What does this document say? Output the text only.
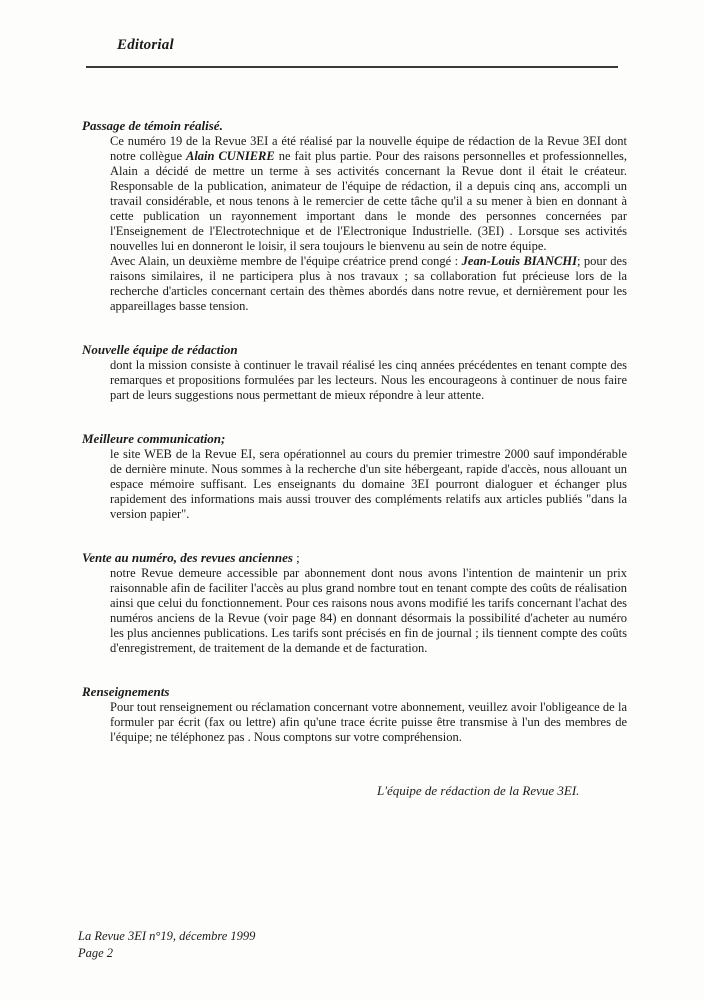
Editorial
Passage de témoin réalisé.

Ce numéro 19 de la Revue 3EI a été réalisé par la nouvelle équipe de rédaction de la Revue 3EI dont notre collègue Alain CUNIERE ne fait plus partie. Pour des raisons personnelles et professionnelles, Alain a décidé de mettre un terme à ses activités concernant la Revue dont il était le créateur. Responsable de la publication, animateur de l'équipe de rédaction, il a depuis cinq ans, accompli un travail considérable, et nous tenons à le remercier de cette tâche qu'il a su mener à bien en donnant à cette publication un rayonnement important dans le monde des personnes concernées par l'Enseignement de l'Electrotechnique et de l'Electronique Industrielle. (3EI) . Lorsque ses activités nouvelles lui en donneront le loisir, il sera toujours le bienvenu au sein de notre équipe.

Avec Alain, un deuxième membre de l'équipe créatrice prend congé : Jean-Louis BIANCHI; pour des raisons similaires, il ne participera plus à nos travaux ; sa collaboration fut précieuse lors de la recherche d'articles concernant certain des thèmes abordés dans notre revue, et dernièrement pour les appareillages basse tension.

Nouvelle équipe de rédaction

dont la mission consiste à continuer le travail réalisé les cinq années précédentes en tenant compte des remarques et propositions formulées par les lecteurs. Nous les encourageons à continuer de nous faire part de leurs suggestions nous permettant de mieux répondre à leur attente.

Meilleure communication;

le site WEB de la Revue EI, sera opérationnel au cours du premier trimestre 2000 sauf impondérable de dernière minute. Nous sommes à la recherche d'un site hébergeant, rapide d'accès, nous allouant un espace mémoire suffisant. Les enseignants du domaine 3EI pourront dialoguer et échanger plus rapidement des informations mais aussi trouver des compléments relatifs aux articles publiés "dans la version papier".

Vente au numéro, des revues anciennes ;

notre Revue demeure accessible par abonnement dont nous avons l'intention de maintenir un prix raisonnable afin de faciliter l'accès au plus grand nombre tout en tenant compte des coûts de réalisation ainsi que celui du fonctionnement. Pour ces raisons nous avons modifié les tarifs concernant l'achat des numéros anciens de la Revue (voir page 84) en donnant désormais la possibilité d'acheter au numéro les plus anciennes publications. Les tarifs sont précisés en fin de journal ; ils tiennent compte des coûts d'enregistrement, de traitement de la demande et de facturation.

Renseignements

Pour tout renseignement ou réclamation concernant votre abonnement, veuillez avoir l'obligeance de la formuler par écrit (fax ou lettre) afin qu'une trace écrite puisse être transmise à l'un des membres de l'équipe; ne téléphonez pas . Nous comptons sur votre compréhension.

L'équipe de rédaction de la Revue 3EI.
La Revue 3EI n°19, décembre 1999
Page 2
